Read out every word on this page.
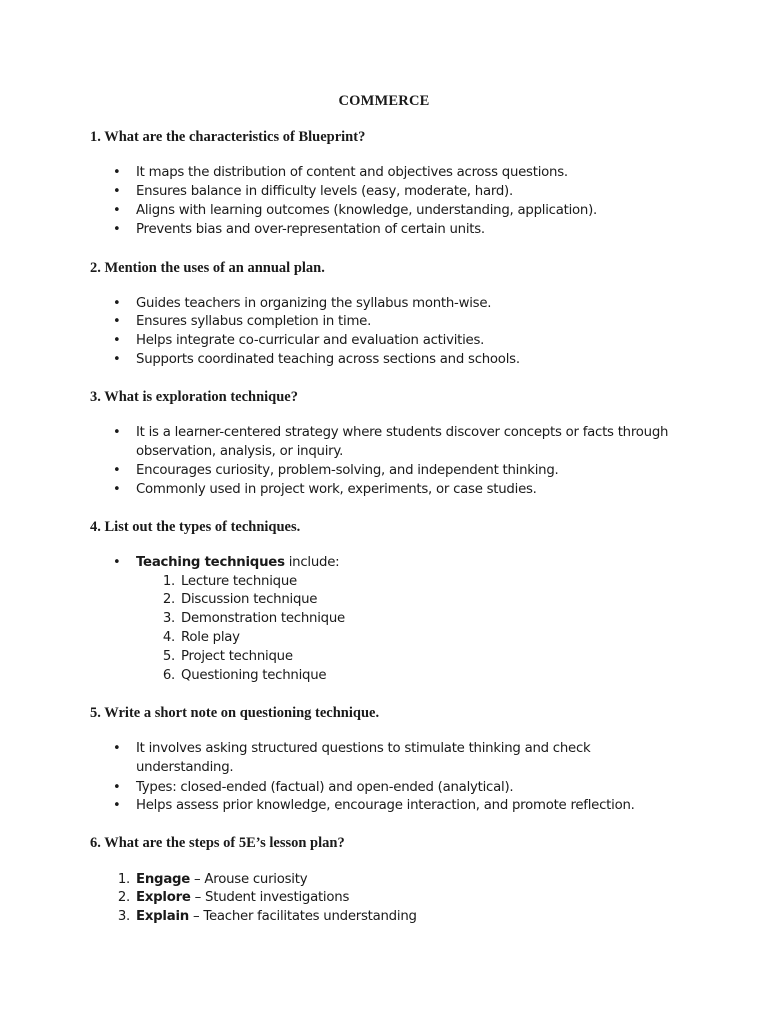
COMMERCE
1. What are the characteristics of Blueprint?

• It maps the distribution of content and objectives across questions.

• Ensures balance in difficulty levels (easy, moderate, hard).

• Aligns with learning outcomes (knowledge, understanding, application).

• Prevents bias and over-representation of certain units.

2. Mention the uses of an annual plan.

• Guides teachers in organizing the syllabus month-wise.

• Ensures syllabus completion in time.

• Helps integrate co-curricular and evaluation activities.

• Supports coordinated teaching across sections and schools.

3. What is exploration technique?

• It is a learner-centered strategy where students discover concepts or facts through observation, analysis, or inquiry.

• Encourages curiosity, problem-solving, and independent thinking.

• Commonly used in project work, experiments, or case studies.

4. List out the types of techniques.

• Teaching techniques include:

1. Lecture technique

2. Discussion technique

3. Demonstration technique

4. Role play

5. Project technique

6. Questioning technique

5. Write a short note on questioning technique.

• It involves asking structured questions to stimulate thinking and check understanding.

• Types: closed-ended (factual) and open-ended (analytical).

• Helps assess prior knowledge, encourage interaction, and promote reflection.

6. What are the steps of 5E’s lesson plan?

1. Engage – Arouse curiosity

2. Explore – Student investigations

3. Explain – Teacher facilitates understanding
